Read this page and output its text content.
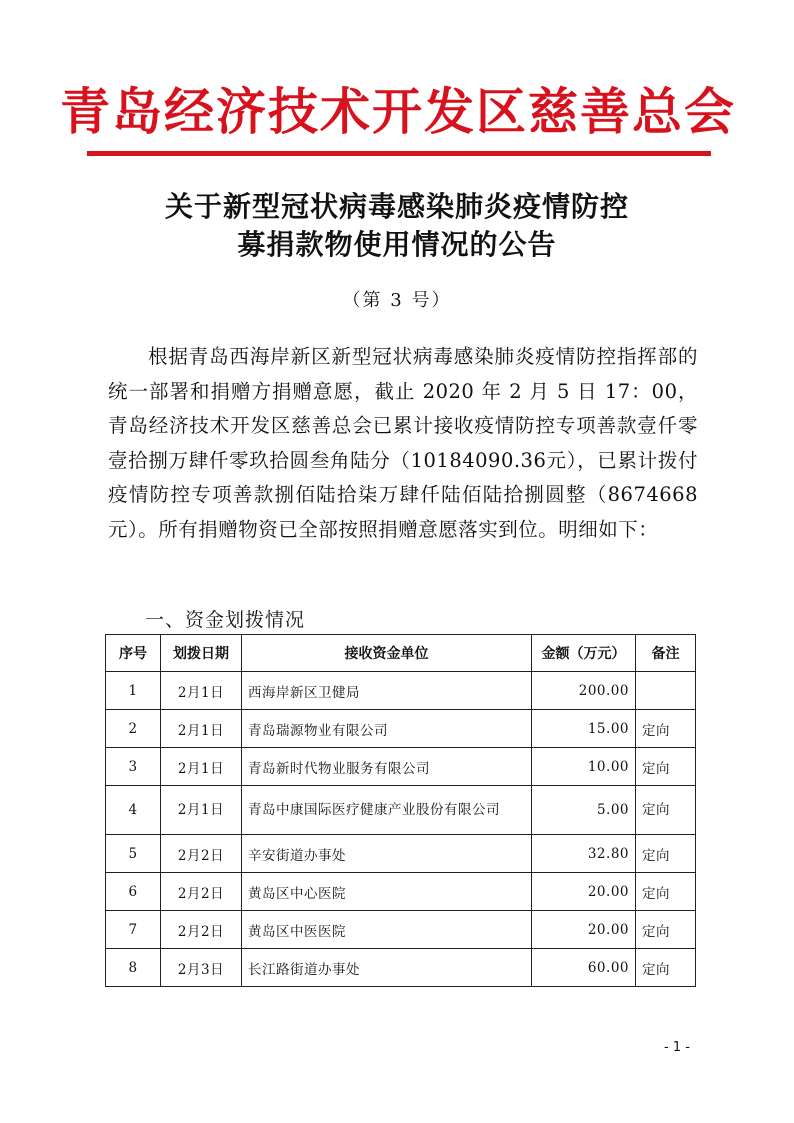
青岛经济技术开发区慈善总会
关于新型冠状病毒感染肺炎疫情防控
募捐款物使用情况的公告
（第 3 号）
根据青岛西海岸新区新型冠状病毒感染肺炎疫情防控指挥部的统一部署和捐赠方捐赠意愿，截止 2020 年 2 月 5 日 17：00，青岛经济技术开发区慈善总会已累计接收疫情防控专项善款壹仟零壹拾捌万肆仟零玖拾圆叁角陆分（10184090.36元），已累计拨付疫情防控专项善款捌佰陆拾柒万肆仟陆佰陆拾捌圆整（8674668元）。所有捐赠物资已全部按照捐赠意愿落实到位。明细如下：
一、资金划拨情况
序号	划拨日期	接收资金单位	金额（万元）	备注
1	2月1日	西海岸新区卫健局	200.00	
2	2月1日	青岛瑞源物业有限公司	15.00	定向
3	2月1日	青岛新时代物业服务有限公司	10.00	定向
4	2月1日	青岛中康国际医疗健康产业股份有限公司	5.00	定向
5	2月2日	辛安街道办事处	32.80	定向
6	2月2日	黄岛区中心医院	20.00	定向
7	2月2日	黄岛区中医医院	20.00	定向
8	2月3日	长江路街道办事处	60.00	定向
- 1 -
